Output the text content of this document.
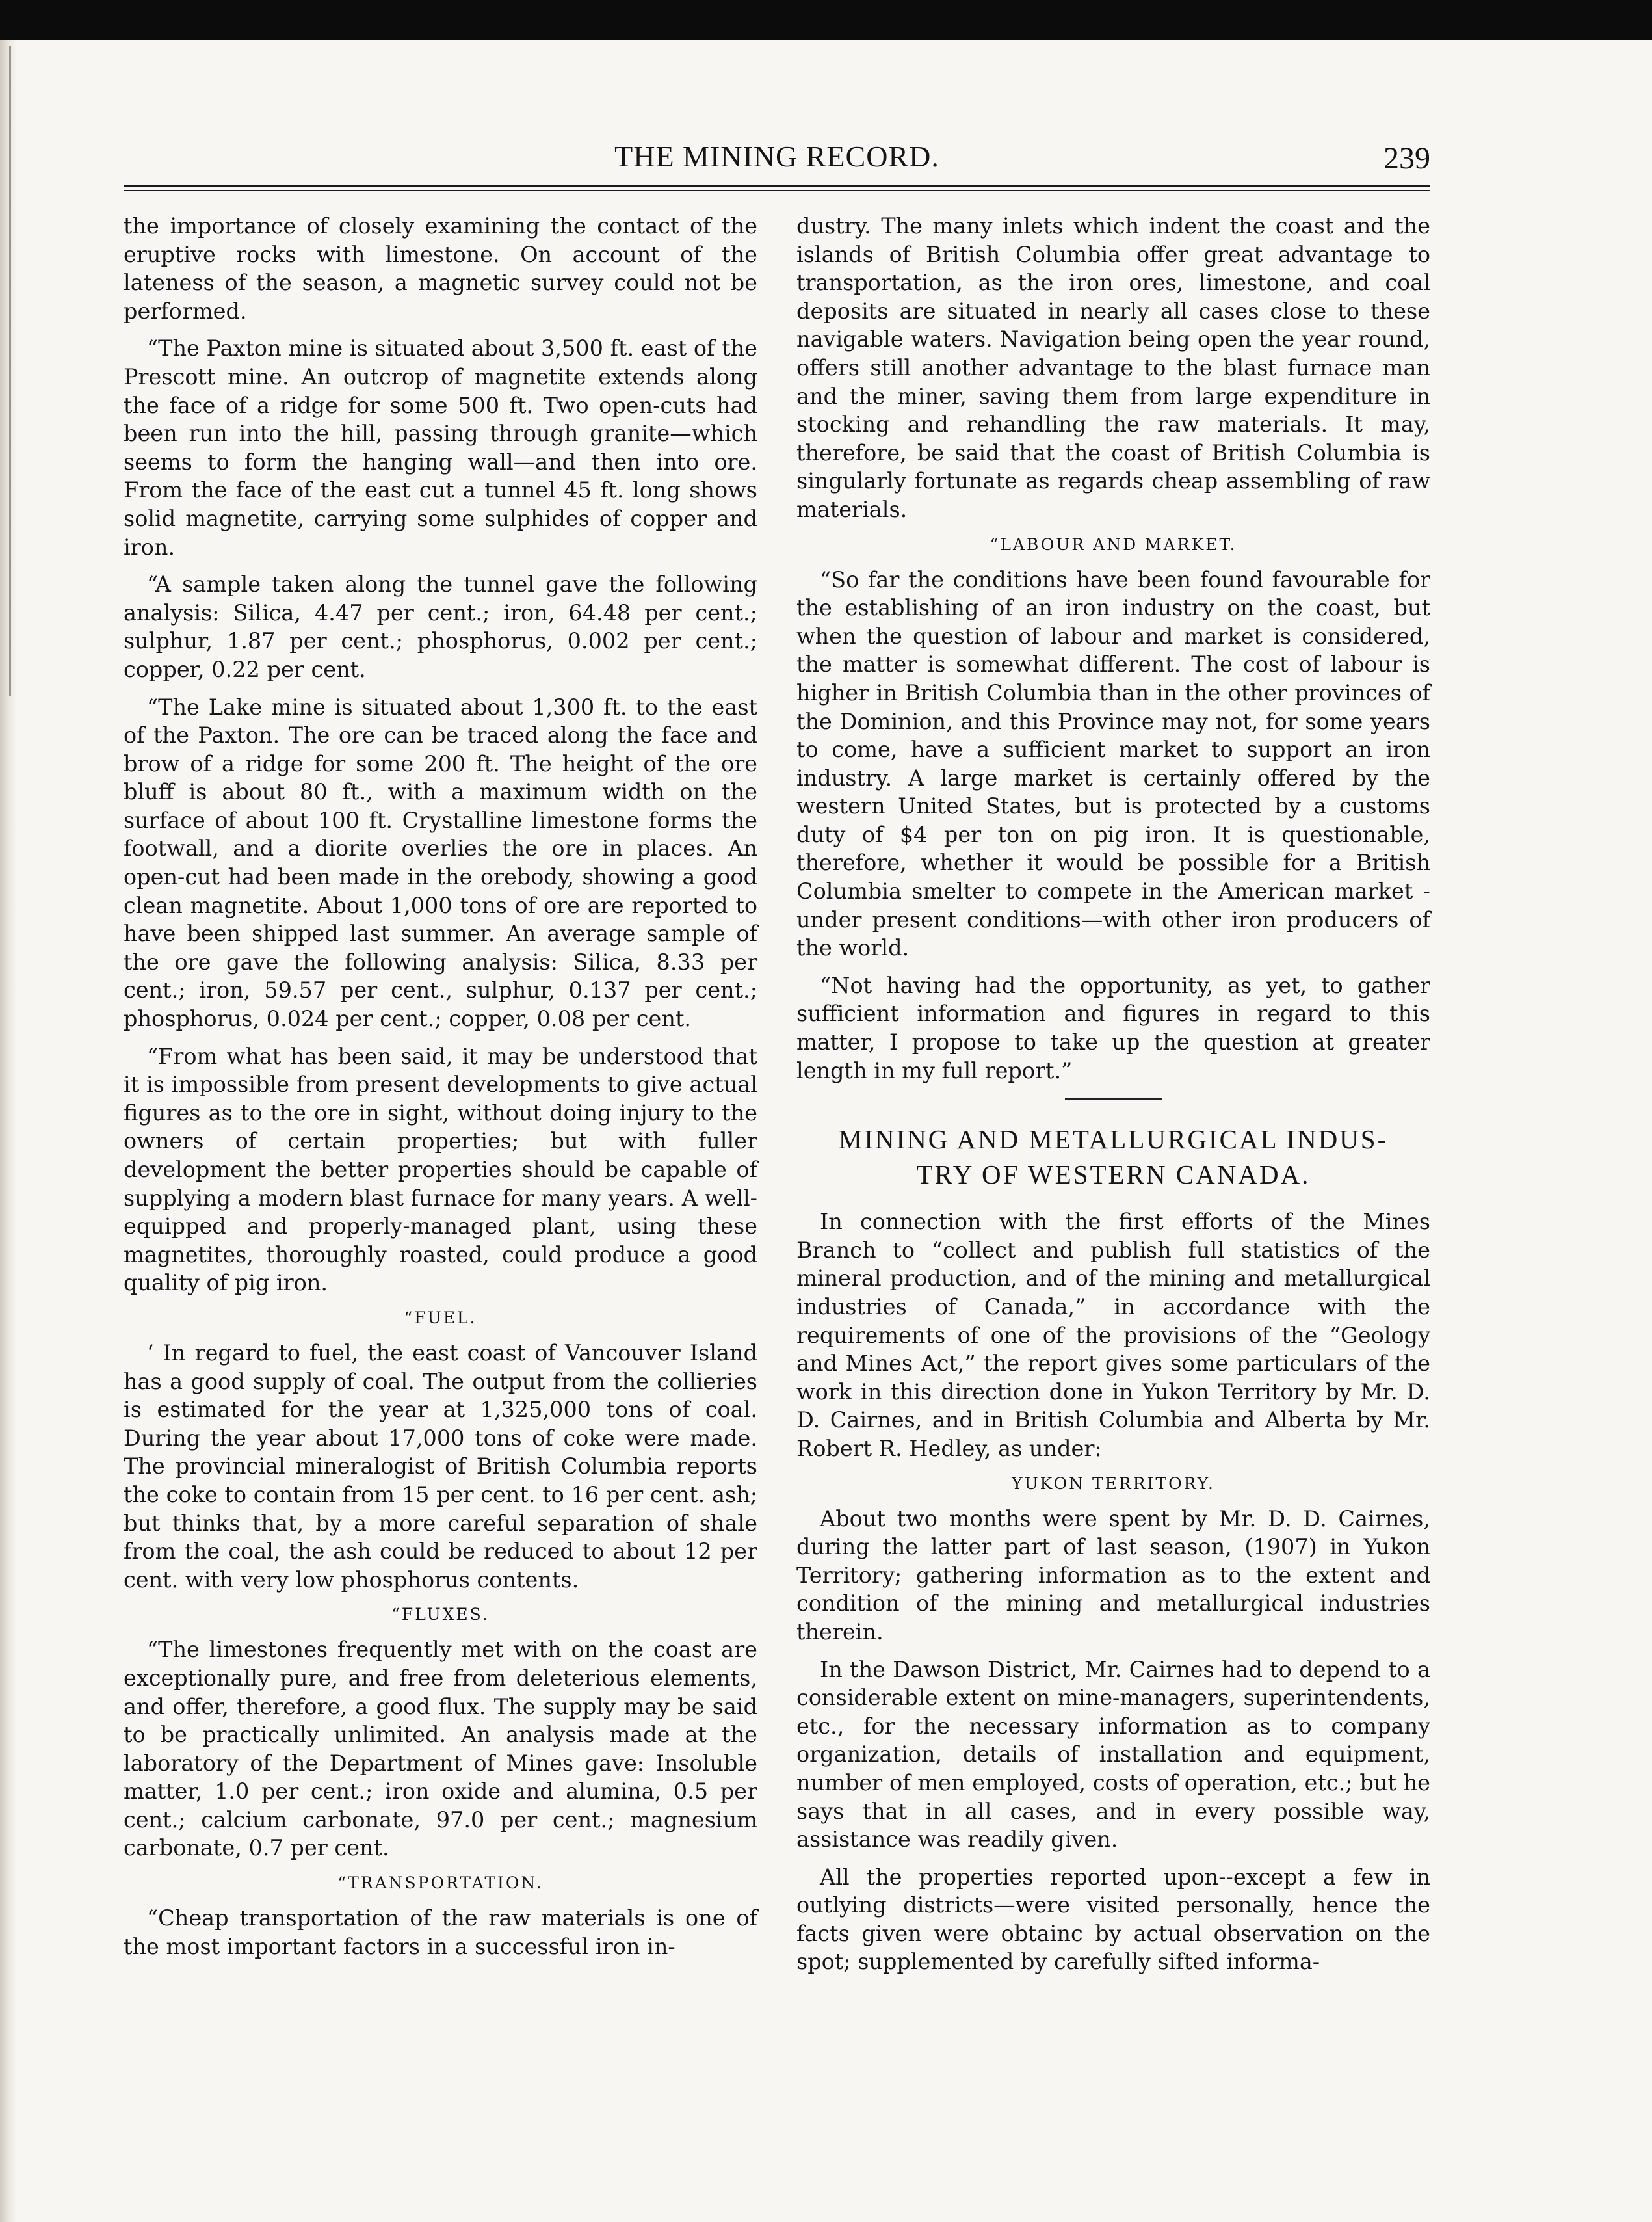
THE MINING RECORD.	239

the importance of closely examining the contact of the eruptive rocks with limestone. On account of the lateness of the season, a magnetic survey could not be performed.

“The Paxton mine is situated about 3,500 ft. east of the Prescott mine. An outcrop of magnetite extends along the face of a ridge for some 500 ft. Two open-cuts had been run into the hill, passing through granite—which seems to form the hanging wall—and then into ore. From the face of the east cut a tunnel 45 ft. long shows solid magnetite, carrying some sulphides of copper and iron.

“A sample taken along the tunnel gave the following analysis: Silica, 4.47 per cent.; iron, 64.48 per cent.; sulphur, 1.87 per cent.; phosphorus, 0.002 per cent.; copper, 0.22 per cent.

“The Lake mine is situated about 1,300 ft. to the east of the Paxton. The ore can be traced along the face and brow of a ridge for some 200 ft. The height of the ore bluff is about 80 ft., with a maximum width on the surface of about 100 ft. Crystalline limestone forms the footwall, and a diorite overlies the ore in places. An open-cut had been made in the orebody, showing a good clean magnetite. About 1,000 tons of ore are reported to have been shipped last summer. An average sample of the ore gave the following analysis: Silica, 8.33 per cent.; iron, 59.57 per cent., sulphur, 0.137 per cent.; phosphorus, 0.024 per cent.; copper, 0.08 per cent.

“From what has been said, it may be understood that it is impossible from present developments to give actual figures as to the ore in sight, without doing injury to the owners of certain properties; but with fuller development the better properties should be capable of supplying a modern blast furnace for many years. A well-equipped and properly-managed plant, using these magnetites, thoroughly roasted, could produce a good quality of pig iron.

“FUEL.

‘ In regard to fuel, the east coast of Vancouver Island has a good supply of coal. The output from the collieries is estimated for the year at 1,325,000 tons of coal. During the year about 17,000 tons of coke were made. The provincial mineralogist of British Columbia reports the coke to contain from 15 per cent. to 16 per cent. ash; but thinks that, by a more careful separation of shale from the coal, the ash could be reduced to about 12 per cent. with very low phosphorus contents.

“FLUXES.

“The limestones frequently met with on the coast are exceptionally pure, and free from deleterious elements, and offer, therefore, a good flux. The supply may be said to be practically unlimited. An analysis made at the laboratory of the Department of Mines gave: Insoluble matter, 1.0 per cent.; iron oxide and alumina, 0.5 per cent.; calcium carbonate, 97.0 per cent.; magnesium carbonate, 0.7 per cent.

“TRANSPORTATION.

“Cheap transportation of the raw materials is one of the most important factors in a successful iron in-

dustry. The many inlets which indent the coast and the islands of British Columbia offer great advantage to transportation, as the iron ores, limestone, and coal deposits are situated in nearly all cases close to these navigable waters. Navigation being open the year round, offers still another advantage to the blast furnace man and the miner, saving them from large expenditure in stocking and rehandling the raw materials. It may, therefore, be said that the coast of British Columbia is singularly fortunate as regards cheap assembling of raw materials.

“LABOUR AND MARKET.

“So far the conditions have been found favourable for the establishing of an iron industry on the coast, but when the question of labour and market is considered, the matter is somewhat different. The cost of labour is higher in British Columbia than in the other provinces of the Dominion, and this Province may not, for some years to come, have a sufficient market to support an iron industry. A large market is certainly offered by the western United States, but is protected by a customs duty of $4 per ton on pig iron. It is questionable, therefore, whether it would be possible for a British Columbia smelter to compete in the American market - under present conditions—with other iron producers of the world.

“Not having had the opportunity, as yet, to gather sufficient information and figures in regard to this matter, I propose to take up the question at greater length in my full report.”

MINING AND METALLURGICAL INDUS-
TRY OF WESTERN CANADA.

In connection with the first efforts of the Mines Branch to “collect and publish full statistics of the mineral production, and of the mining and metallurgical industries of Canada,” in accordance with the requirements of one of the provisions of the “Geology and Mines Act,” the report gives some particulars of the work in this direction done in Yukon Territory by Mr. D. D. Cairnes, and in British Columbia and Alberta by Mr. Robert R. Hedley, as under:

YUKON TERRITORY.

About two months were spent by Mr. D. D. Cairnes, during the latter part of last season, (1907) in Yukon Territory; gathering information as to the extent and condition of the mining and metallurgical industries therein.

In the Dawson District, Mr. Cairnes had to depend to a considerable extent on mine-managers, superintendents, etc., for the necessary information as to company organization, details of installation and equipment, number of men employed, costs of operation, etc.; but he says that in all cases, and in every possible way, assistance was readily given.

All the properties reported upon--except a few in outlying districts—were visited personally, hence the facts given were obtainc by actual observation on the spot; supplemented by carefully sifted informa-
